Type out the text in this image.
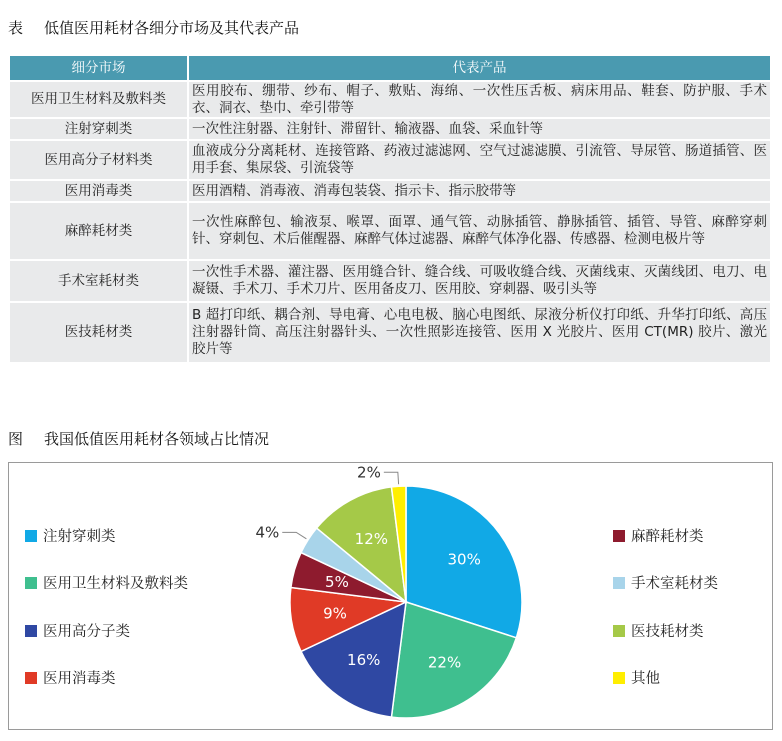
表 低值医用耗材各细分市场及其代表产品
细分市场	代表产品
医用卫生材料及敷料类	医用胶布、绷带、纱布、帽子、敷贴、海绵、一次性压舌板、病床用品、鞋套、防护服、手术衣、洞衣、垫巾、牵引带等
注射穿刺类	一次性注射器、注射针、滞留针、输液器、血袋、采血针等
医用高分子材料类	血液成分分离耗材、连接管路、药液过滤滤网、空气过滤滤膜、引流管、导尿管、肠道插管、医用手套、集尿袋、引流袋等
医用消毒类	医用酒精、消毒液、消毒包装袋、指示卡、指示胶带等
麻醉耗材类	一次性麻醉包、输液泵、喉罩、面罩、通气管、动脉插管、静脉插管、插管、导管、麻醉穿刺针、穿刺包、术后催醒器、麻醉气体过滤器、麻醉气体净化器、传感器、检测电极片等
手术室耗材类	一次性手术器、灌注器、医用缝合针、缝合线、可吸收缝合线、灭菌线束、灭菌线团、电刀、电凝镊、手术刀、手术刀片、医用备皮刀、医用胶、穿刺器、吸引头等
医技耗材类	B 超打印纸、耦合剂、导电膏、心电电极、脑心电图纸、尿液分析仪打印纸、升华打印纸、高压注射器针筒、高压注射器针头、一次性照影连接管、医用 X 光胶片、医用 CT(MR) 胶片、激光胶片等
图 我国低值医用耗材各领域占比情况
30%
22%
16%
9%
5%
4%	12%
2%
注射穿刺类
医用卫生材料及敷料类
医用高分子类
医用消毒类
麻醉耗材类
手术室耗材类
医技耗材类
其他
